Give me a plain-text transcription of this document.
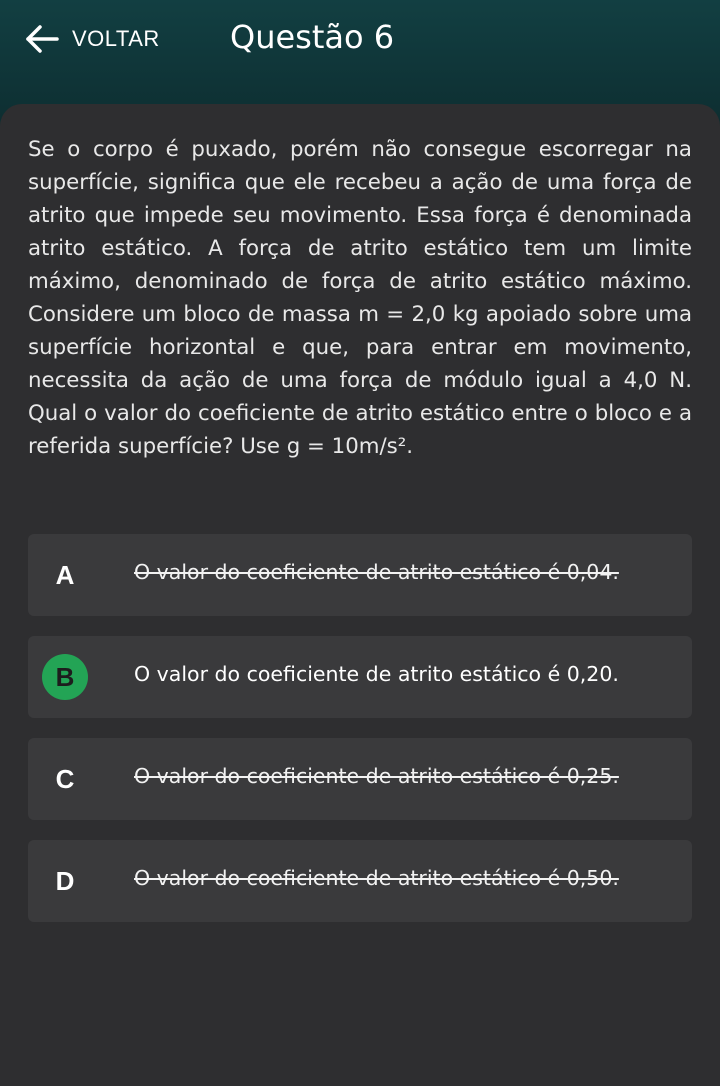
VOLTAR Questão 6
Se o corpo é puxado, porém não consegue escorregar na superfície, significa que ele recebeu a ação de uma força de atrito que impede seu movimento. Essa força é denominada atrito estático. A força de atrito estático tem um limite máximo, denominado de força de atrito estático máximo. Considere um bloco de massa m = 2,0 kg apoiado sobre uma superfície horizontal e que, para entrar em movimento, necessita da ação de uma força de módulo igual a 4,0 N. Qual o valor do coeficiente de atrito estático entre o bloco e a referida superfície? Use g = 10m/s².
A	O valor do coeficiente de atrito estático é 0,04.
B	O valor do coeficiente de atrito estático é 0,20.
C	O valor do coeficiente de atrito estático é 0,25.
D	O valor do coeficiente de atrito estático é 0,50.
